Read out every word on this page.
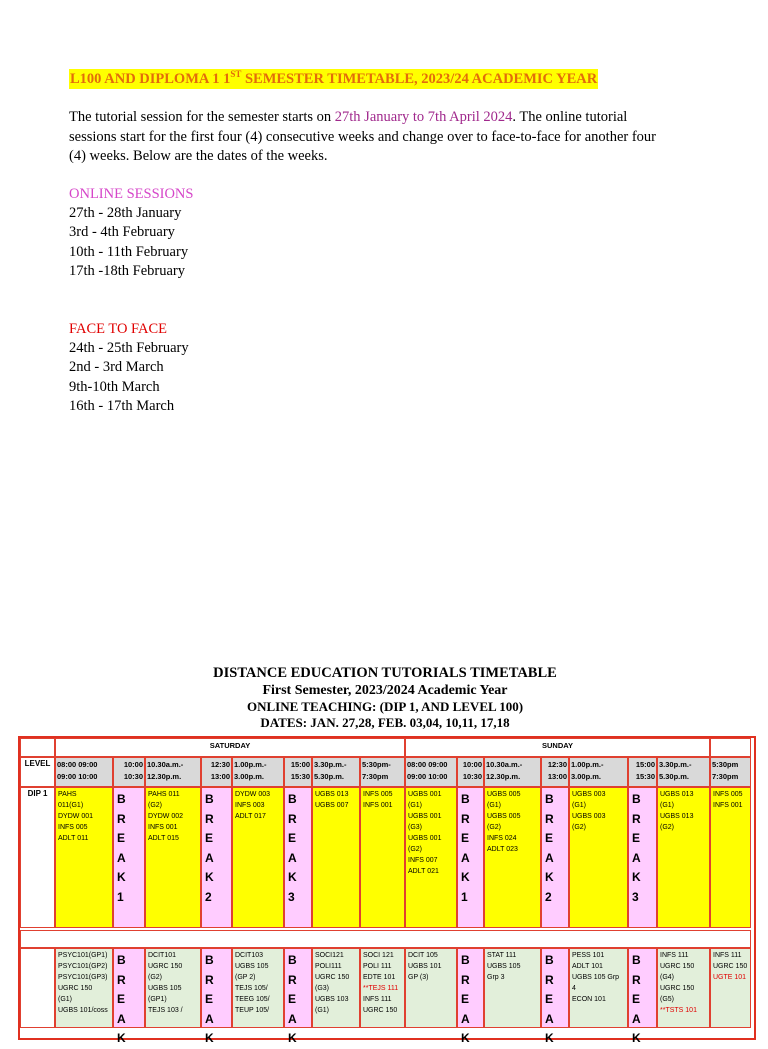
L100 AND DIPLOMA 1 1ST SEMESTER TIMETABLE, 2023/24 ACADEMIC YEAR
The tutorial session for the semester starts on 27th January to 7th April 2024. The online tutorial sessions start for the first four (4) consecutive weeks and change over to face-to-face for another four (4) weeks. Below are the dates of the weeks.
ONLINE SESSIONS
27th - 28th January
3rd - 4th February
10th - 11th February
17th -18th February
FACE TO FACE
24th - 25th February
2nd - 3rd March
9th-10th March
16th - 17th March
DISTANCE EDUCATION TUTORIALS TIMETABLE
First Semester, 2023/2024 Academic Year
ONLINE TEACHING: (DIP 1, AND LEVEL 100)
DATES: JAN. 27,28, FEB. 03,04, 10,11, 17,18
SATURDAY	SUNDAY
LEVEL 08:00 09:00
09:00 10:00
10:00
10:30
10.30a.m.-
12.30p.m.
12:30
13:00
1.00p.m.-
3.00p.m.
15:00
15:30
3.30p.m.-
5.30p.m.
5:30pm-
7:30pm
08:00 09:00
09:00 10:00
10:00
10:30
10.30a.m.-
12.30p.m.
12:30
13:00
1.00p.m.-
3.00p.m.
15:00
15:30
3.30p.m.-
5.30p.m.
5:30pm
7:30pm
DIP 1	PAHS
011(G1)
DYDW 001
INFS 005
ADLT 011
B
R
E
A
K
1
PAHS 011
(G2)
DYDW 002
INFS 001
ADLT 015
B
R
E
A
K
2
DYDW 003
INFS 003
ADLT 017
B
R
E
A
K
3
UGBS 013
UGBS 007
INFS 005
INFS 001
UGBS 001
(G1)
UGBS 001
(G3)
UGBS 001
(G2)
INFS 007
ADLT 021
B
R
E
A
K
1
UGBS 005
(G1)
UGBS 005
(G2)
INFS 024
ADLT 023
B
R
E
A
K
2
UGBS 003
(G1)
UGBS 003
(G2)
B
R
E
A
K
3
UGBS 013
(G1)
UGBS 013
(G2)
INFS 005
INFS 001
PSYC101(GP1)
PSYC101(GP2)
PSYC101(GP3)
UGRC 150
(G1)
UGBS 101/coss
B
R
E
A
K
DCIT101
UGRC 150
(G2)
UGBS 105
(GP1)
TEJS 103 /
B
R
E
A
K
DCIT103
UGBS 105
(GP 2)
TEJS 105/
TEEG 105/
TEUP 105/
B
R
E
A
K
SOCI121
POLI111
UGRC 150
(G3)
UGBS 103
(G1)
SOCI 121
POLI 111
EDTE 101
**TEJS 111
INFS 111
UGRC 150
DCIT 105
UGBS 101
GP (3)
B
R
E
A
K
STAT 111
UGBS 105
Grp 3
B
R
E
A
K
PESS 101
ADLT 101
UGBS 105 Grp
4
ECON 101
B
R
E
A
K
INFS 111
UGRC 150
(G4)
UGRC 150
(G5)
**TSTS 101
INFS 111
UGRC 150
UGTE 101
